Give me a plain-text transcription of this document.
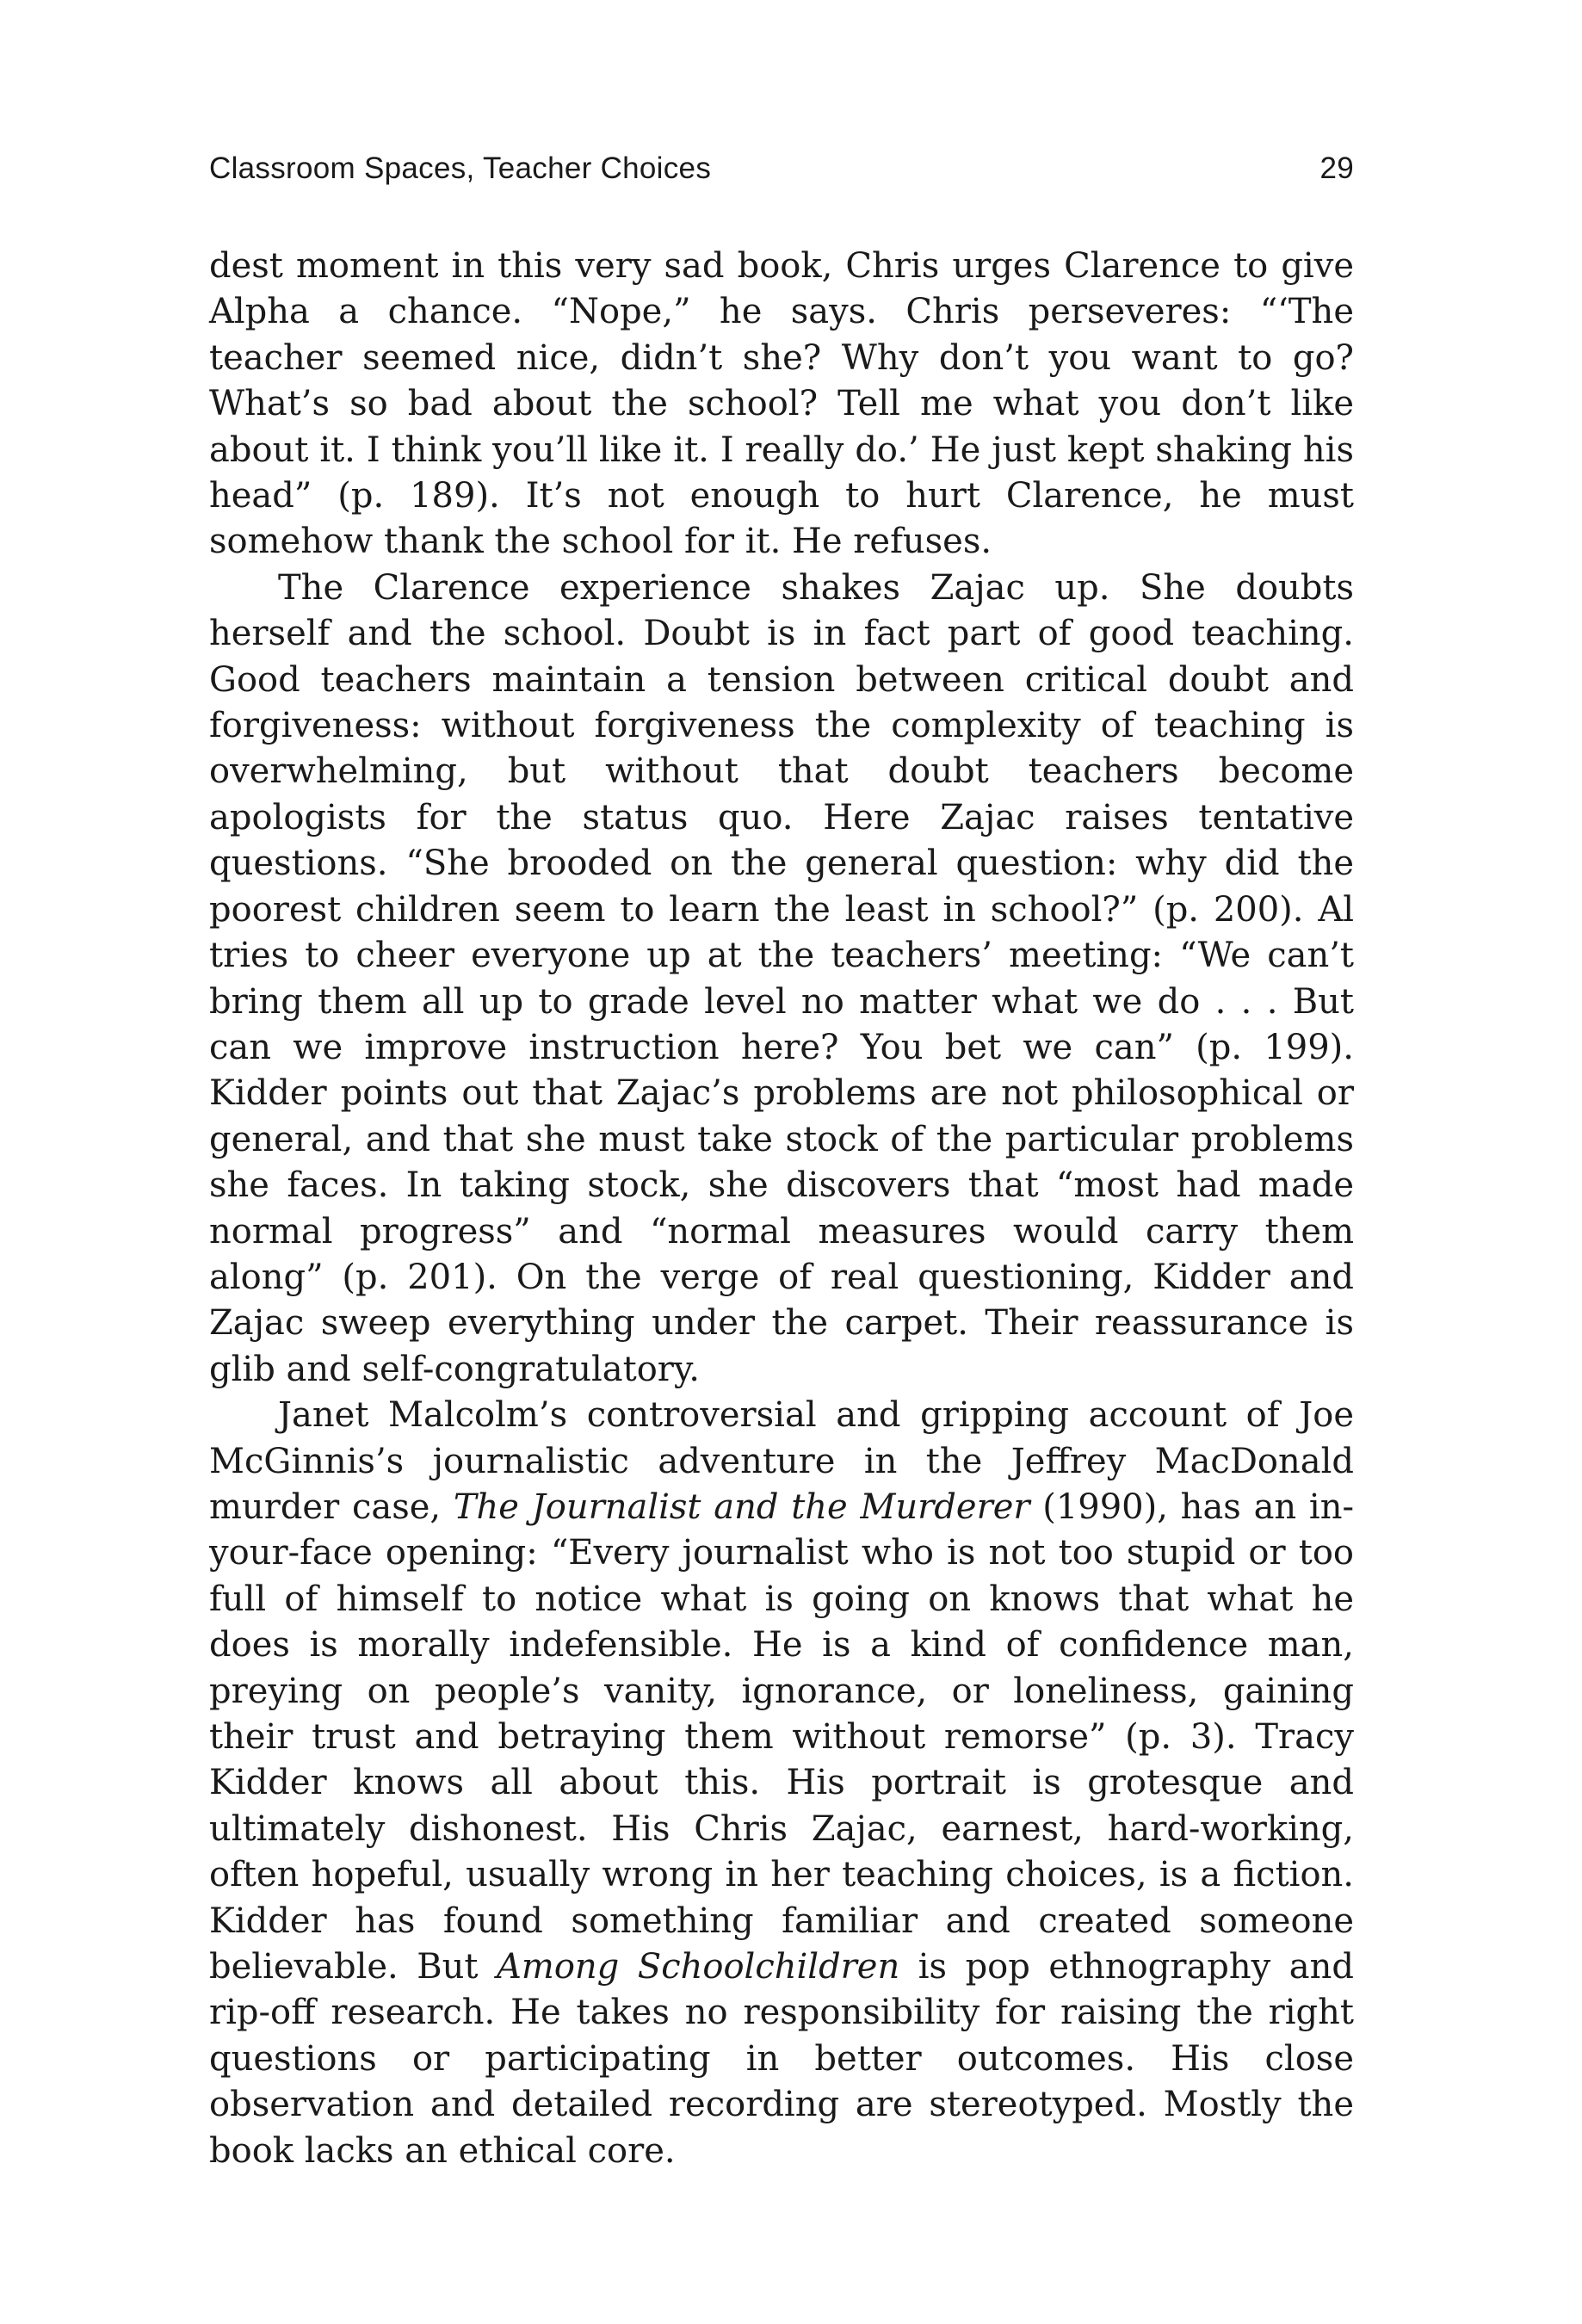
Classroom Spaces, Teacher Choices	29

dest moment in this very sad book, Chris urges Clarence to give Alpha a chance. “Nope,” he says. Chris perseveres: “‘The teacher seemed nice, didn’t she? Why don’t you want to go? What’s so bad about the school? Tell me what you don’t like about it. I think you’ll like it. I really do.’ He just kept shaking his head” (p. 189). It’s not enough to hurt Clarence, he must somehow thank the school for it. He refuses.

The Clarence experience shakes Zajac up. She doubts herself and the school. Doubt is in fact part of good teaching. Good teachers maintain a tension between critical doubt and forgiveness: without forgiveness the complexity of teaching is overwhelming, but without that doubt teachers become apologists for the status quo. Here Zajac raises tentative questions. “She brooded on the general question: why did the poorest children seem to learn the least in school?” (p. 200). Al tries to cheer everyone up at the teachers’ meeting: “We can’t bring them all up to grade level no matter what we do . . . But can we improve instruction here? You bet we can” (p. 199). Kidder points out that Zajac’s problems are not philosophical or general, and that she must take stock of the particular problems she faces. In taking stock, she discovers that “most had made normal progress” and “normal measures would carry them along” (p. 201). On the verge of real questioning, Kidder and Zajac sweep everything under the carpet. Their reassurance is glib and self-congratulatory.

Janet Malcolm’s controversial and gripping account of Joe McGinnis’s journalistic adventure in the Jeffrey MacDonald murder case, The Journalist and the Murderer (1990), has an in-your-face opening: “Every journalist who is not too stupid or too full of himself to notice what is going on knows that what he does is morally indefensible. He is a kind of confidence man, preying on people’s vanity, ignorance, or loneliness, gaining their trust and betraying them without remorse” (p. 3). Tracy Kidder knows all about this. His portrait is grotesque and ultimately dishonest. His Chris Zajac, earnest, hard-working, often hopeful, usually wrong in her teaching choices, is a fiction. Kidder has found something familiar and created someone believable. But Among Schoolchildren is pop ethnography and rip-off research. He takes no responsibility for raising the right questions or participating in better outcomes. His close observation and detailed recording are stereotyped. Mostly the book lacks an ethical core.
